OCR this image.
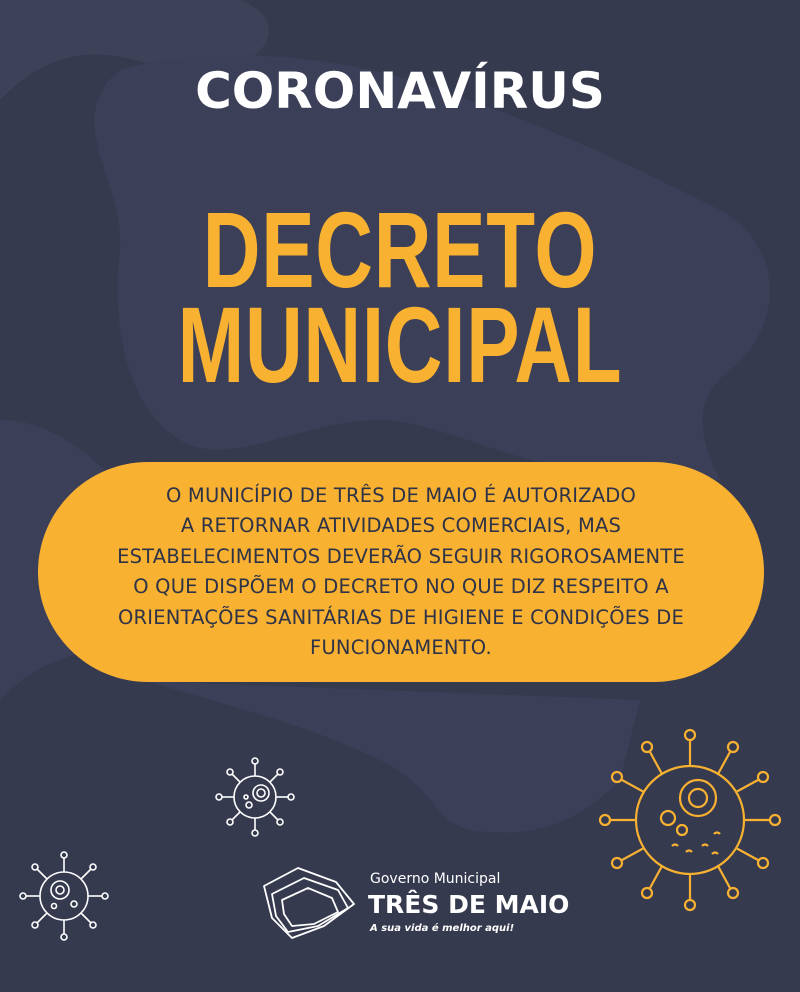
CORONAVÍRUS
DECRETO
MUNICIPAL
O MUNICÍPIO DE TRÊS DE MAIO É AUTORIZADO
A RETORNAR ATIVIDADES COMERCIAIS, MAS
ESTABELECIMENTOS DEVERÃO SEGUIR RIGOROSAMENTE
O QUE DISPÕEM O DECRETO NO QUE DIZ RESPEITO A
ORIENTAÇÕES SANITÁRIAS DE HIGIENE E CONDIÇÕES DE
FUNCIONAMENTO.
Governo Municipal
TRÊS DE MAIO
A sua vida é melhor aqui!
